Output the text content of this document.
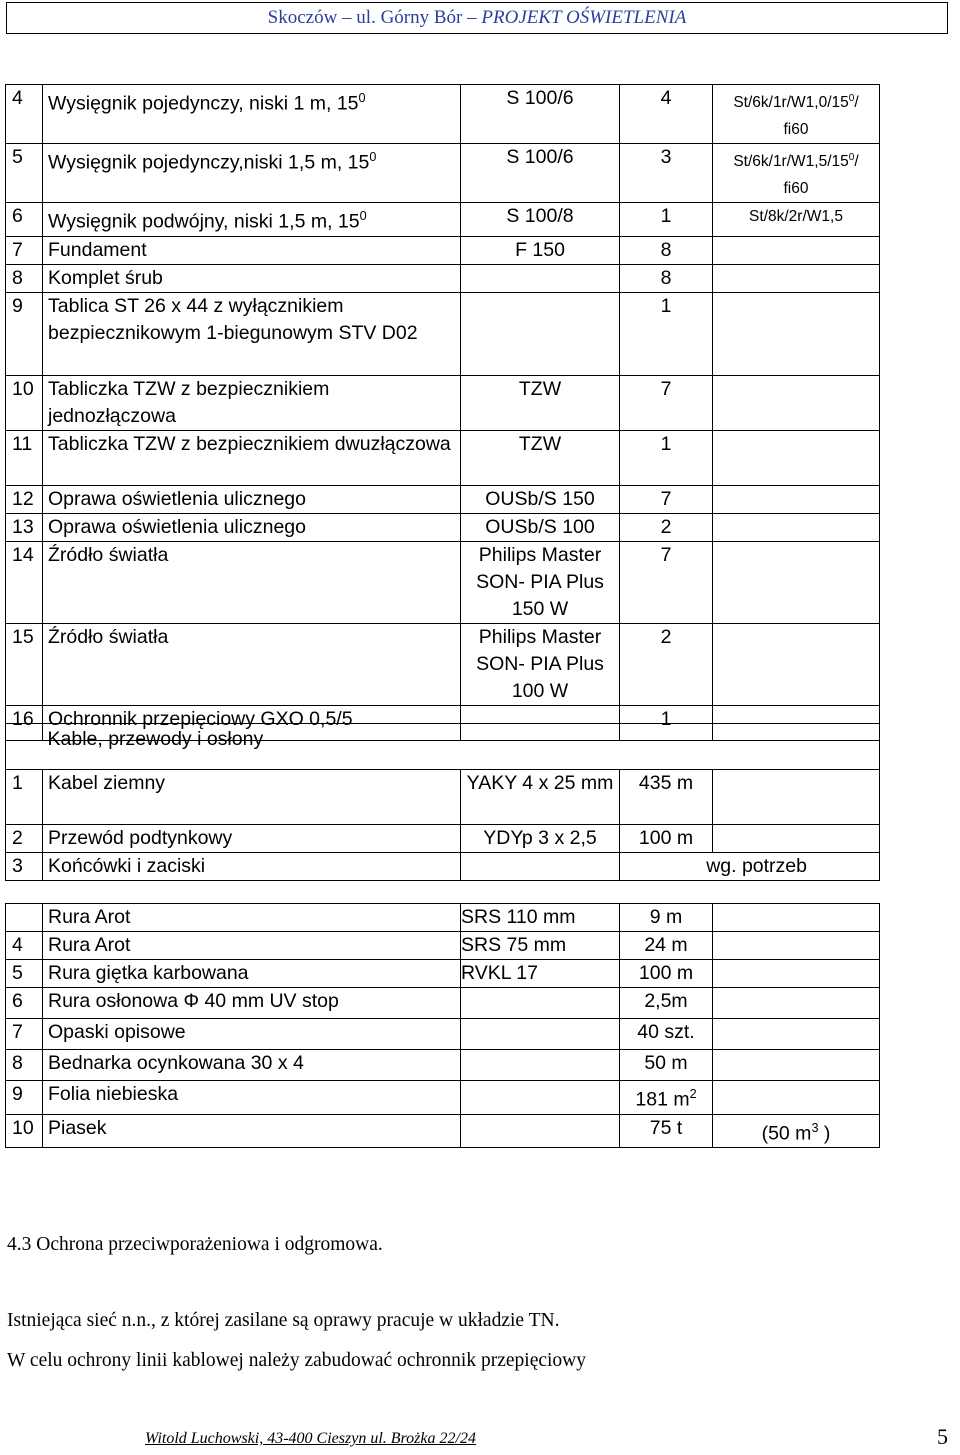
Skoczów – ul. Górny Bór – PROJEKT OŚWIETLENIA
4	Wysięgnik pojedynczy, niski 1 m, $15^0$	S 100/6	4	$St/6k/1r/W1,0/15^0/$
fi60
5	Wysięgnik pojedynczy,niski 1,5 m, $15^0$	S 100/6	3	$St/6k/1r/W1,5/15^0/$
fi60
6	Wysięgnik podwójny, niski 1,5 m, $15^0$	S 100/8	1	St/8k/2r/W1,5
7	Fundament	F 150	8	
8	Komplet śrub		8	
9	Tablica ST 26 x 44 z wyłącznikiem bezpiecznikowym 1-biegunowym STV D02		1	
10	Tabliczka TZW z bezpiecznikiem jednozłączowa	TZW	7	
11	Tabliczka TZW z bezpiecznikiem dwuzłączowa	TZW	1	
12	Oprawa oświetlenia ulicznego	OUSb/S 150	7	
13	Oprawa oświetlenia ulicznego	OUSb/S 100	2	
14	Źródło światła	Philips Master SON- PIA Plus 150 W	7	
15	Źródło światła	Philips Master SON- PIA Plus 100 W	2	
16	Ochronnik przepięciowy GXO 0,5/5		1	
	Kable, przewody i osłony			
1	Kabel ziemny	YAKY 4 x 25 mm	435 m	
2	Przewód podtynkowy	YDYp 3 x 2,5	100 m	
3	Końcówki i zaciski		wg. potrzeb	
	Rura Arot	SRS 110 mm	9 m	
4	Rura Arot	SRS 75 mm	24 m	
5	Rura giętka karbowana	RVKL 17	100 m	
6	Rura osłonowa Φ 40 mm UV stop		2,5m	
7	Opaski opisowe		40 szt.	
8	Bednarka ocynkowana 30 x 4		50 m	
9	Folia niebieska		181 $m^2$	
10	Piasek		75 t	(50 $m^3$ )
4.3 Ochrona przeciwporażeniowa i odgromowa.
Istniejąca sieć n.n., z której zasilane są oprawy pracuje w układzie TN.
W celu ochrony linii kablowej należy zabudować ochronnik przepięciowy
Witold Luchowski, 43-400 Cieszyn ul. Brożka 22/24	5
